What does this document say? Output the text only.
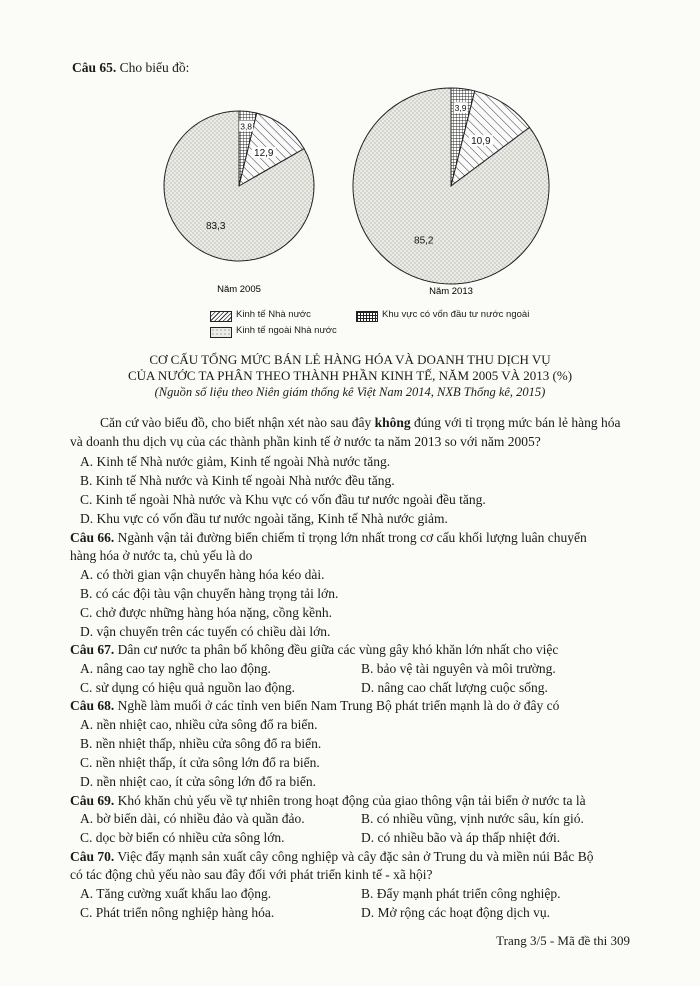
Câu 65. Cho biểu đồ:
3,8
12,9
83,3
3,9
10,9
85,2
Năm 2005	Năm 2013
Kinh tế Nhà nước	Khu vực có vốn đầu tư nước ngoài
Kinh tế ngoài Nhà nước
CƠ CẤU TỔNG MỨC BÁN LẺ HÀNG HÓA VÀ DOANH THU DỊCH VỤ
CỦA NƯỚC TA PHÂN THEO THÀNH PHẦN KINH TẾ, NĂM 2005 VÀ 2013 (%)
(Nguồn số liệu theo Niên giám thống kê Việt Nam 2014, NXB Thống kê, 2015)
Căn cứ vào biểu đồ, cho biết nhận xét nào sau đây không đúng với tỉ trọng mức bán lẻ hàng hóa
và doanh thu dịch vụ của các thành phần kinh tế ở nước ta năm 2013 so với năm 2005?
A. Kinh tế Nhà nước giảm, Kinh tế ngoài Nhà nước tăng.
B. Kinh tế Nhà nước và Kinh tế ngoài Nhà nước đều tăng.
C. Kinh tế ngoài Nhà nước và Khu vực có vốn đầu tư nước ngoài đều tăng.
D. Khu vực có vốn đầu tư nước ngoài tăng, Kinh tế Nhà nước giảm.
Câu 66. Ngành vận tải đường biển chiếm tỉ trọng lớn nhất trong cơ cấu khối lượng luân chuyển
hàng hóa ở nước ta, chủ yếu là do
A. có thời gian vận chuyển hàng hóa kéo dài.
B. có các đội tàu vận chuyển hàng trọng tải lớn.
C. chở được những hàng hóa nặng, cồng kềnh.
D. vận chuyển trên các tuyến có chiều dài lớn.
Câu 67. Dân cư nước ta phân bố không đều giữa các vùng gây khó khăn lớn nhất cho việc
A. nâng cao tay nghề cho lao động.	B. bảo vệ tài nguyên và môi trường.
C. sử dụng có hiệu quả nguồn lao động.	D. nâng cao chất lượng cuộc sống.
Câu 68. Nghề làm muối ở các tỉnh ven biển Nam Trung Bộ phát triển mạnh là do ở đây có
A. nền nhiệt cao, nhiều cửa sông đổ ra biển.
B. nền nhiệt thấp, nhiều cửa sông đổ ra biển.
C. nền nhiệt thấp, ít cửa sông lớn đổ ra biển.
D. nền nhiệt cao, ít cửa sông lớn đổ ra biển.
Câu 69. Khó khăn chủ yếu về tự nhiên trong hoạt động của giao thông vận tải biển ở nước ta là
A. bờ biển dài, có nhiều đảo và quần đảo.	B. có nhiều vũng, vịnh nước sâu, kín gió.
C. dọc bờ biển có nhiều cửa sông lớn.	D. có nhiều bão và áp thấp nhiệt đới.
Câu 70. Việc đẩy mạnh sản xuất cây công nghiệp và cây đặc sản ở Trung du và miền núi Bắc Bộ
có tác động chủ yếu nào sau đây đối với phát triển kinh tế - xã hội?
A. Tăng cường xuất khẩu lao động.	B. Đẩy mạnh phát triển công nghiệp.
C. Phát triển nông nghiệp hàng hóa.	D. Mở rộng các hoạt động dịch vụ.
Trang 3/5 - Mã đề thi 309
